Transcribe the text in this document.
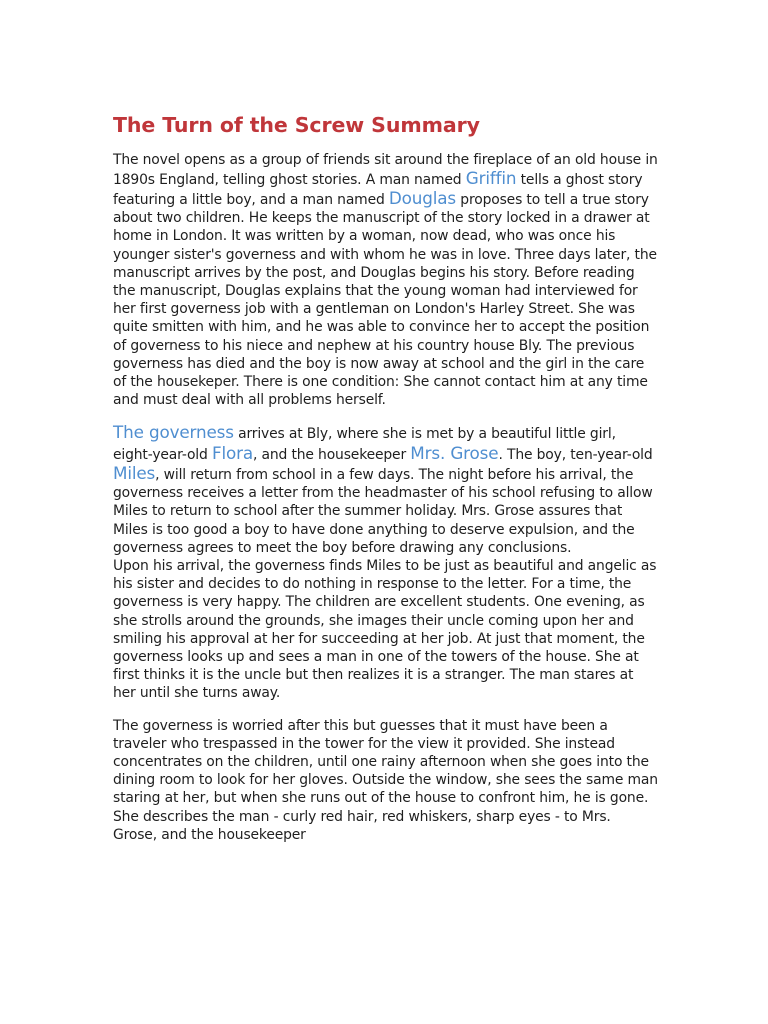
The Turn of the Screw Summary

The novel opens as a group of friends sit around the fireplace of an old house in 1890s England, telling ghost stories. A man named Griffin tells a ghost story featuring a little boy, and a man named Douglas proposes to tell a true story about two children. He keeps the manuscript of the story locked in a drawer at home in London. It was written by a woman, now dead, who was once his younger sister's governess and with whom he was in love. Three days later, the manuscript arrives by the post, and Douglas begins his story. Before reading the manuscript, Douglas explains that the young woman had interviewed for her first governess job with a gentleman on London's Harley Street. She was quite smitten with him, and he was able to convince her to accept the position of governess to his niece and nephew at his country house Bly. The previous governess has died and the boy is now away at school and the girl in the care of the housekeper. There is one condition: She cannot contact him at any time and must deal with all problems herself.

The governess arrives at Bly, where she is met by a beautiful little girl, eight-year-old Flora, and the housekeeper Mrs. Grose. The boy, ten-year-old Miles, will return from school in a few days. The night before his arrival, the governess receives a letter from the headmaster of his school refusing to allow Miles to return to school after the summer holiday. Mrs. Grose assures that Miles is too good a boy to have done anything to deserve expulsion, and the governess agrees to meet the boy before drawing any conclusions.

Upon his arrival, the governess finds Miles to be just as beautiful and angelic as his sister and decides to do nothing in response to the letter. For a time, the governess is very happy. The children are excellent students. One evening, as she strolls around the grounds, she images their uncle coming upon her and smiling his approval at her for succeeding at her job. At just that moment, the governess looks up and sees a man in one of the towers of the house. She at first thinks it is the uncle but then realizes it is a stranger. The man stares at her until she turns away.

The governess is worried after this but guesses that it must have been a traveler who trespassed in the tower for the view it provided. She instead concentrates on the children, until one rainy afternoon when she goes into the dining room to look for her gloves. Outside the window, she sees the same man staring at her, but when she runs out of the house to confront him, he is gone. She describes the man - curly red hair, red whiskers, sharp eyes - to Mrs. Grose, and the housekeeper
